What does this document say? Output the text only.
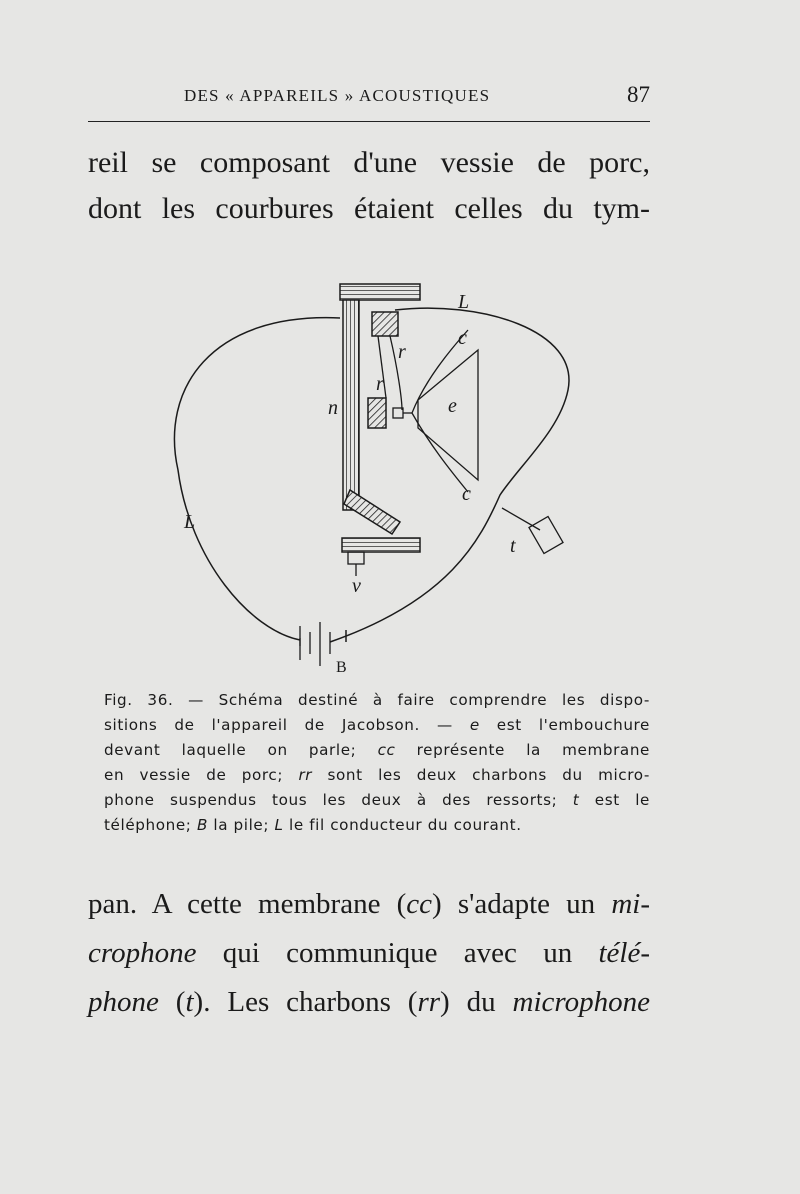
DES « APPAREILS » ACOUSTIQUES	87
reil se composant d'une vessie de porc,
dont les courbures étaient celles du tym-
L
L
c
c
r
r
n	e
t
v
B
Fig. 36. — Schéma destiné à faire comprendre les dispo-
sitions de l'appareil de Jacobson. — e est l'embouchure
devant laquelle on parle; cc représente la membrane
en vessie de porc; rr sont les deux charbons du micro-
phone suspendus tous les deux à des ressorts; t est le
téléphone; B la pile; L le fil conducteur du courant.
pan. A cette membrane (cc) s'adapte un mi-
crophone qui communique avec un télé-
phone (t). Les charbons (rr) du microphone
